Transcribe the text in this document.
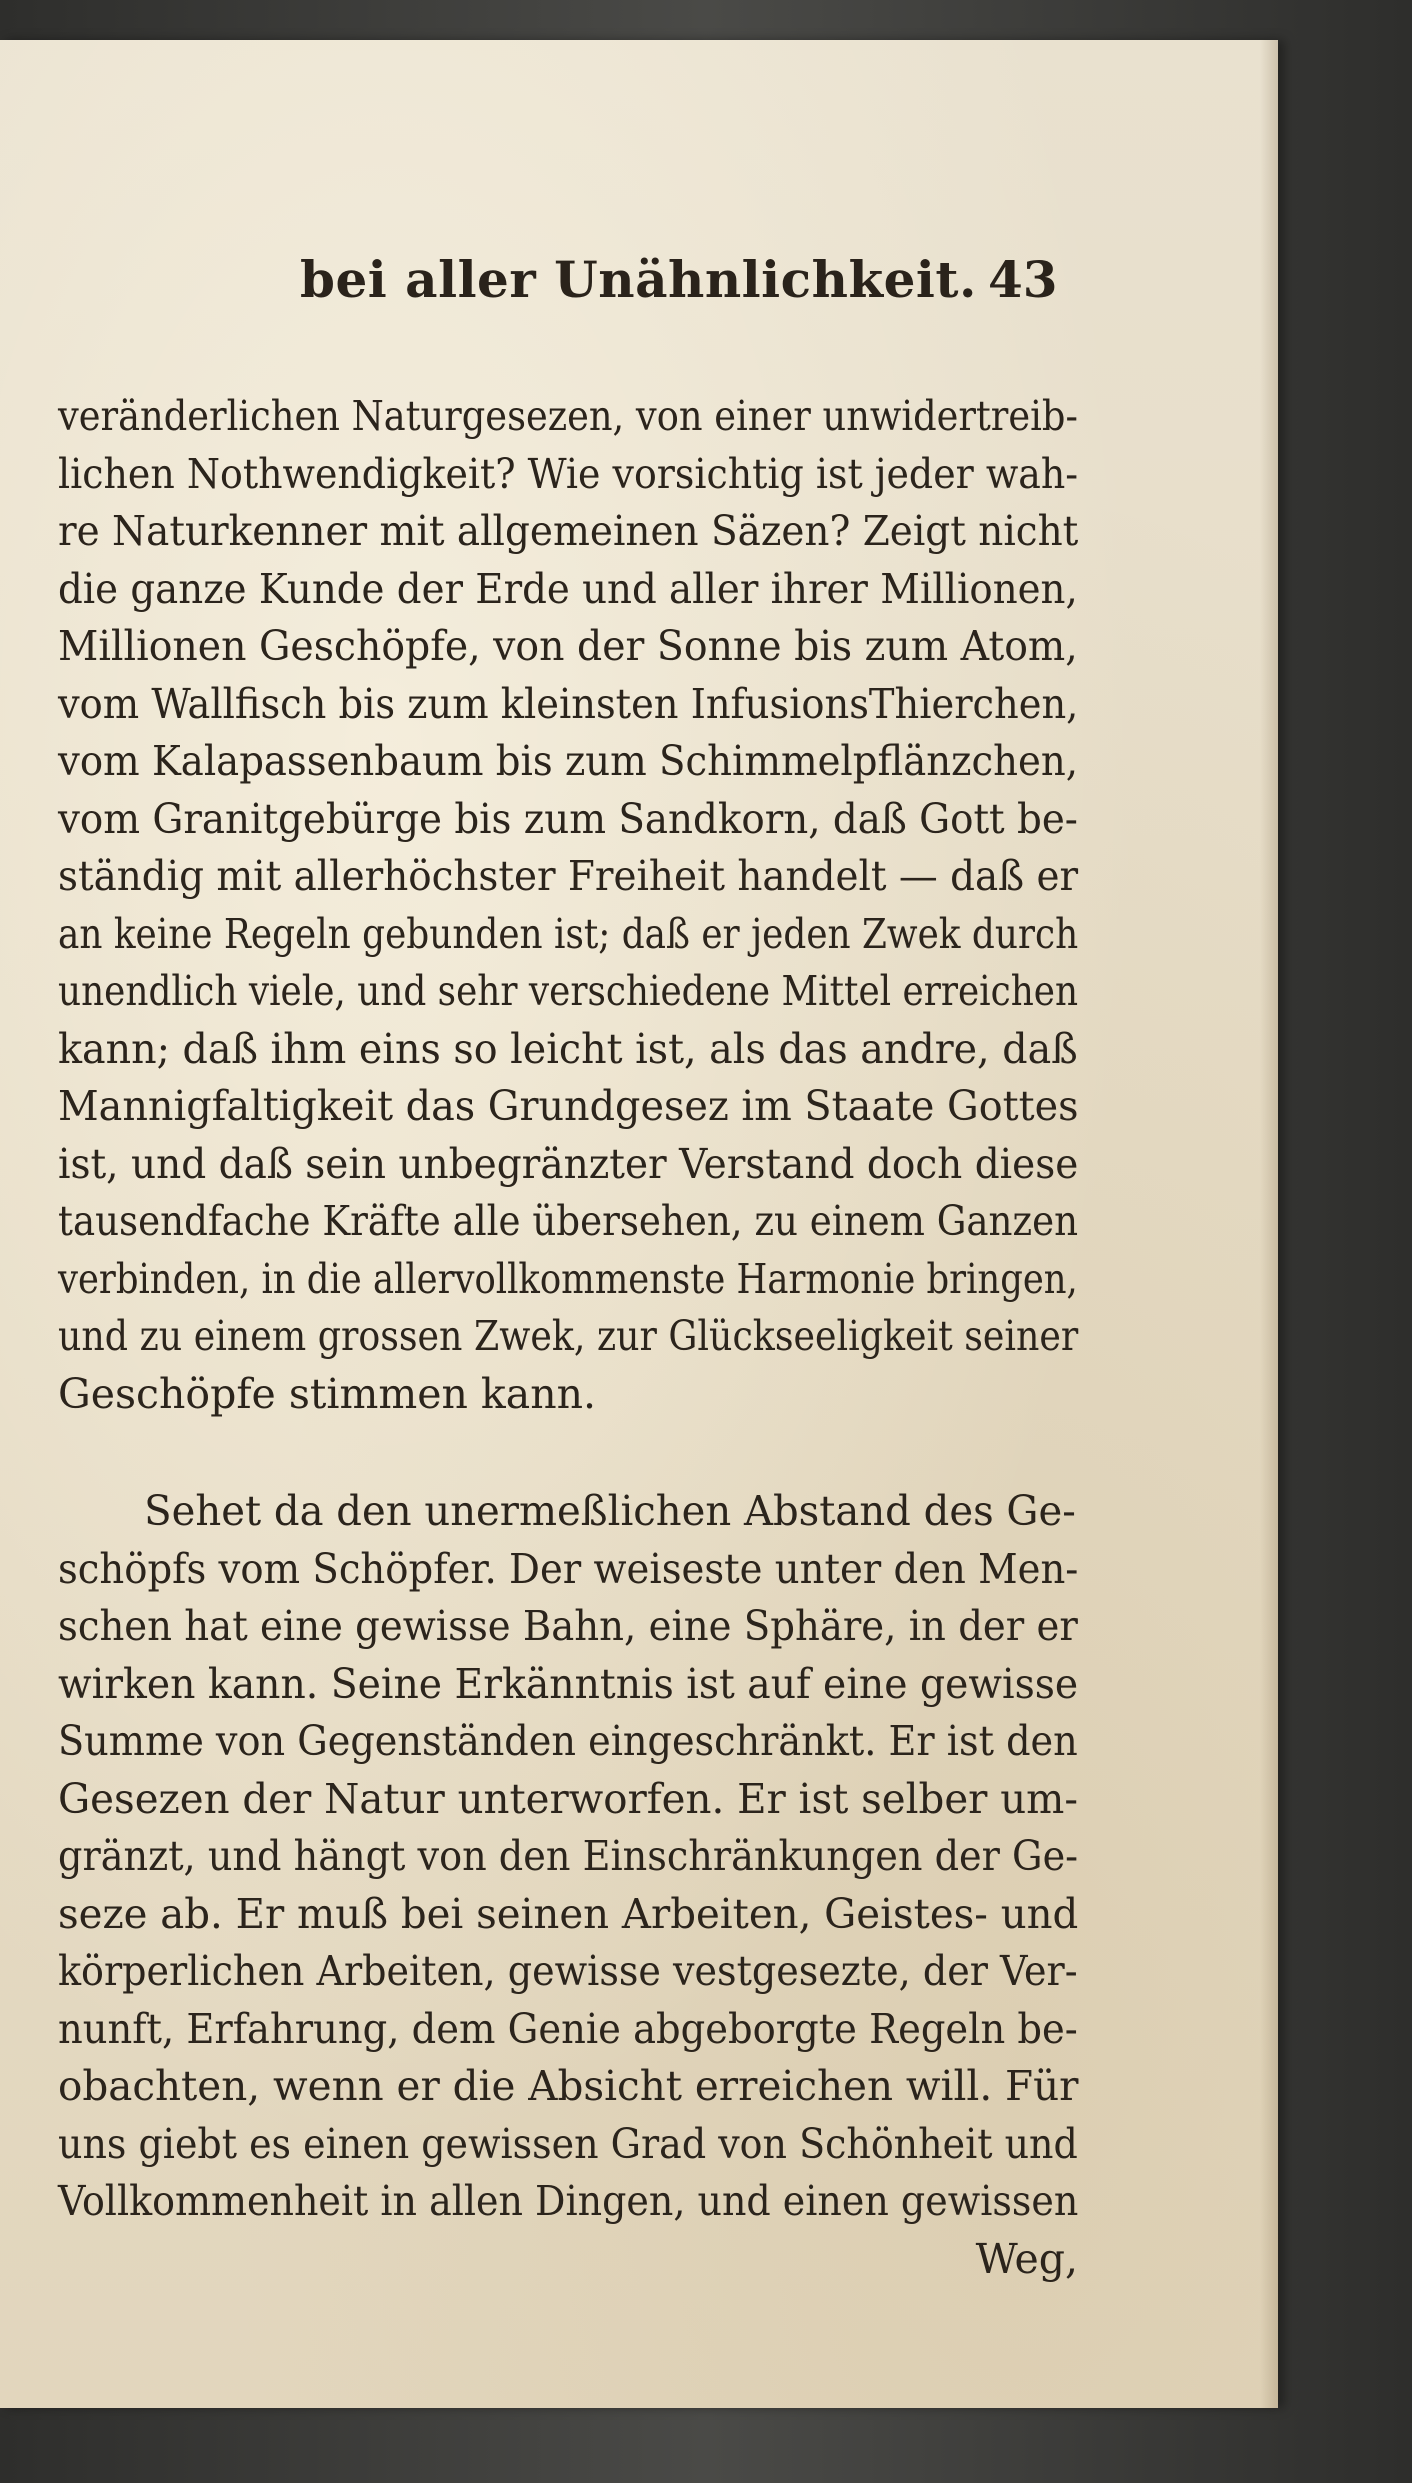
bei aller Unähnlichkeit. 43
veränderlichen Naturgesezen, von einer unwidertreib-
lichen Nothwendigkeit? Wie vorsichtig ist jeder wah-
re Naturkenner mit allgemeinen Säzen? Zeigt nicht
die ganze Kunde der Erde und aller ihrer Millionen,
Millionen Geschöpfe, von der Sonne bis zum Atom,
vom Wallfisch bis zum kleinsten InfusionsThierchen,
vom Kalapassenbaum bis zum Schimmelpflänzchen,
vom Granitgebürge bis zum Sandkorn, daß Gott be-
ständig mit allerhöchster Freiheit handelt — daß er
an keine Regeln gebunden ist; daß er jeden Zwek durch
unendlich viele, und sehr verschiedene Mittel erreichen
kann; daß ihm eins so leicht ist, als das andre, daß
Mannigfaltigkeit das Grundgesez im Staate Gottes
ist, und daß sein unbegränzter Verstand doch diese
tausendfache Kräfte alle übersehen, zu einem Ganzen
verbinden, in die allervollkommenste Harmonie bringen,
und zu einem grossen Zwek, zur Glückseeligkeit seiner
Geschöpfe stimmen kann.
Sehet da den unermeßlichen Abstand des Ge-
schöpfs vom Schöpfer. Der weiseste unter den Men-
schen hat eine gewisse Bahn, eine Sphäre, in der er
wirken kann. Seine Erkänntnis ist auf eine gewisse
Summe von Gegenständen eingeschränkt. Er ist den
Gesezen der Natur unterworfen. Er ist selber um-
gränzt, und hängt von den Einschränkungen der Ge-
seze ab. Er muß bei seinen Arbeiten, Geistes- und
körperlichen Arbeiten, gewisse vestgesezte, der Ver-
nunft, Erfahrung, dem Genie abgeborgte Regeln be-
obachten, wenn er die Absicht erreichen will. Für
uns giebt es einen gewissen Grad von Schönheit und
Vollkommenheit in allen Dingen, und einen gewissen
Weg,
